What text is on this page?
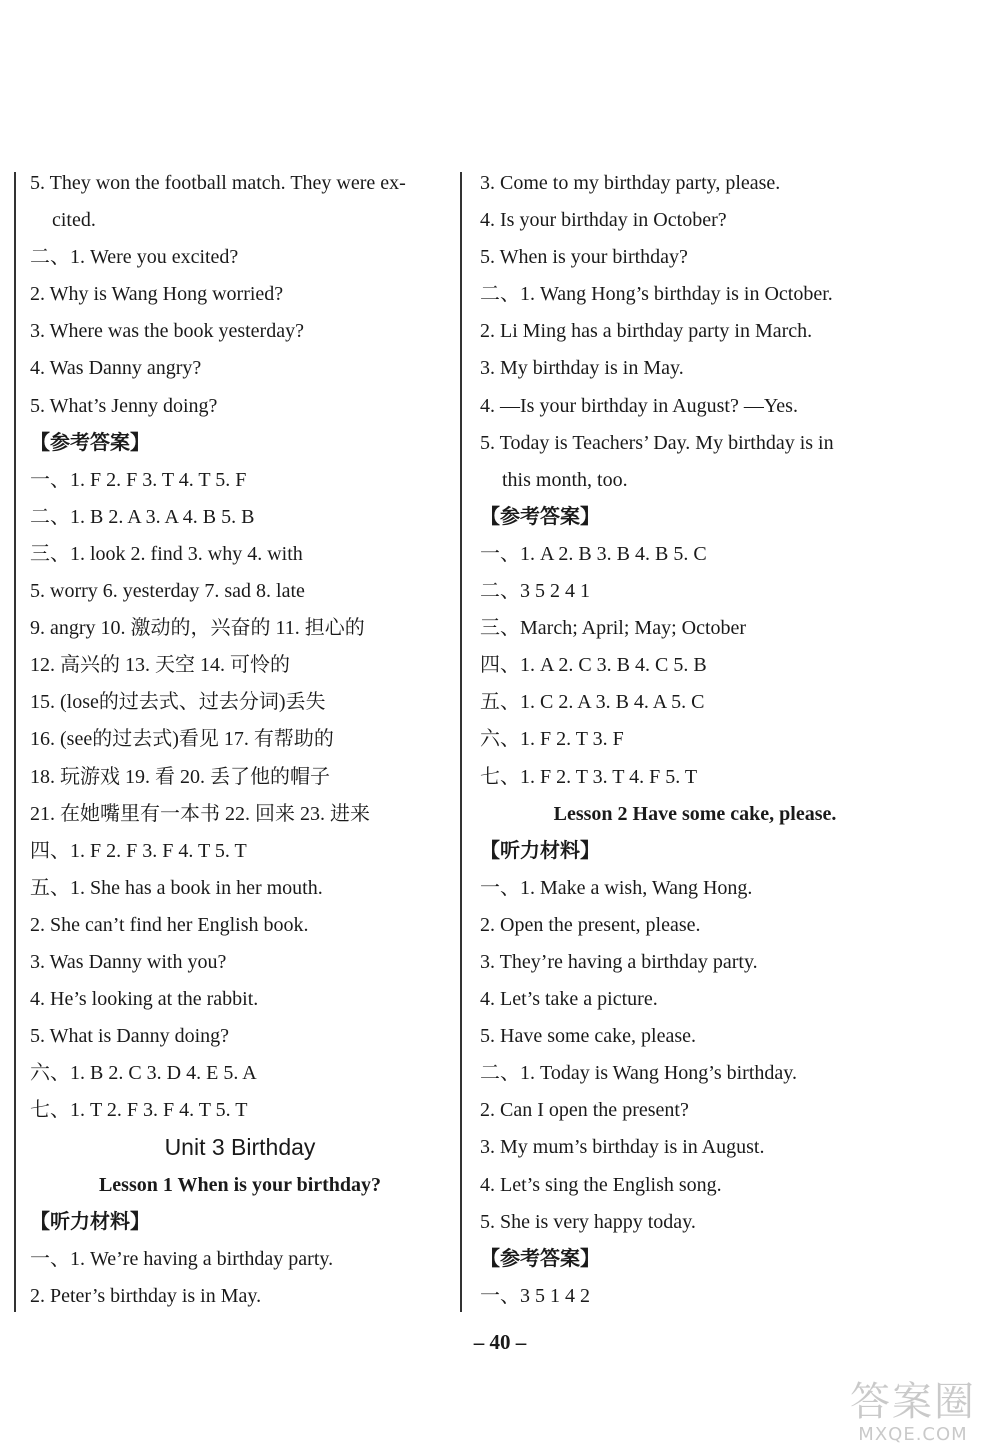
5. They won the football match. They were ex-
cited.
二、1. Were you excited?
2. Why is Wang Hong worried?
3. Where was the book yesterday?
4. Was Danny angry?
5. What’s Jenny doing?
【参考答案】
一、1. F 2. F 3. T 4. T 5. F
二、1. B 2. A 3. A 4. B 5. B
三、1. look 2. find 3. why 4. with
5. worry 6. yesterday 7. sad 8. late
9. angry 10. 激动的，兴奋的 11. 担心的
12. 高兴的 13. 天空 14. 可怜的
15. (lose的过去式、过去分词)丢失
16. (see的过去式)看见 17. 有帮助的
18. 玩游戏 19. 看 20. 丢了他的帽子
21. 在她嘴里有一本书 22. 回来 23. 进来
四、1. F 2. F 3. F 4. T 5. T
五、1. She has a book in her mouth.
2. She can’t find her English book.
3. Was Danny with you?
4. He’s looking at the rabbit.
5. What is Danny doing?
六、1. B 2. C 3. D 4. E 5. A
七、1. T 2. F 3. F 4. T 5. T
Unit 3 Birthday
Lesson 1 When is your birthday?
【听力材料】
一、1. We’re having a birthday party.
2. Peter’s birthday is in May.
3. Come to my birthday party, please.
4. Is your birthday in October?
5. When is your birthday?
二、1. Wang Hong’s birthday is in October.
2. Li Ming has a birthday party in March.
3. My birthday is in May.
4. —Is your birthday in August? —Yes.
5. Today is Teachers’ Day. My birthday is in
this month, too.
【参考答案】
一、1. A 2. B 3. B 4. B 5. C
二、3 5 2 4 1
三、March; April; May; October
四、1. A 2. C 3. B 4. C 5. B
五、1. C 2. A 3. B 4. A 5. C
六、1. F 2. T 3. F
七、1. F 2. T 3. T 4. F 5. T
Lesson 2 Have some cake, please.
【听力材料】
一、1. Make a wish, Wang Hong.
2. Open the present, please.
3. They’re having a birthday party.
4. Let’s take a picture.
5. Have some cake, please.
二、1. Today is Wang Hong’s birthday.
2. Can I open the present?
3. My mum’s birthday is in August.
4. Let’s sing the English song.
5. She is very happy today.
【参考答案】
一、3 5 1 4 2
– 40 –
答案圈
MXQE.COM
